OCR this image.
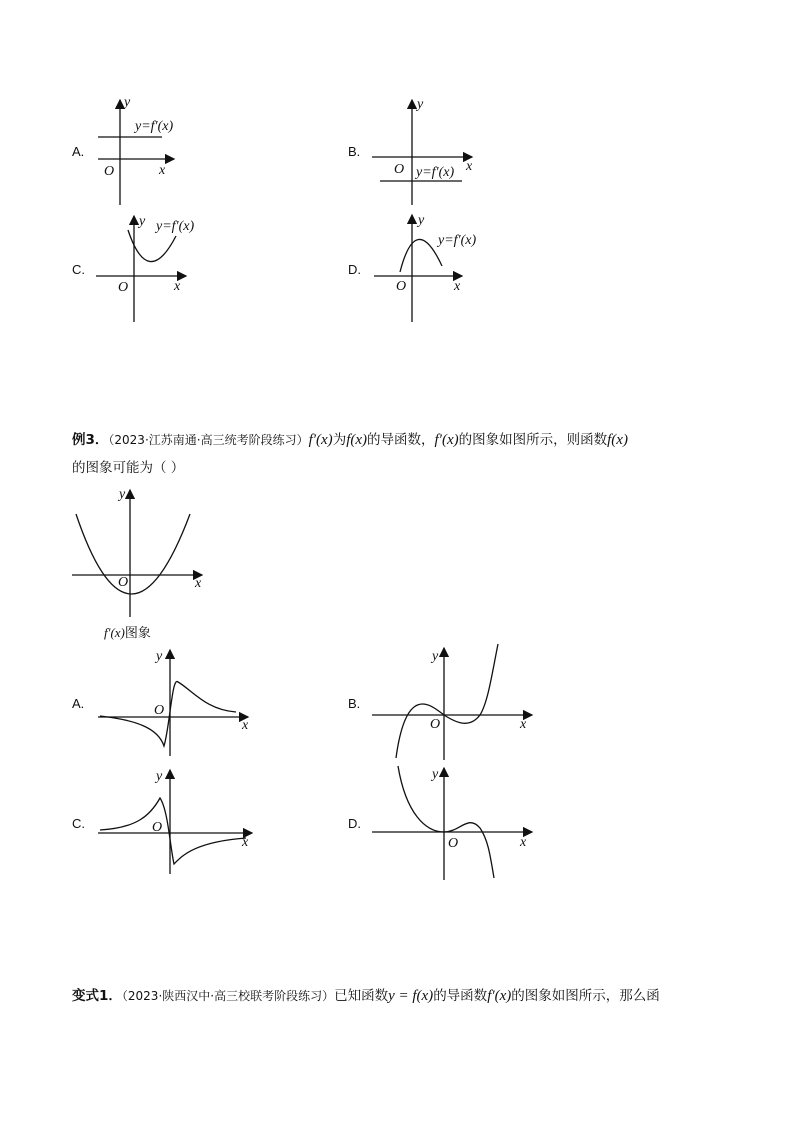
A.
y
x
O
y=f′(x)
B.
y
x
O y=f′(x)
C.
y
x
O
y=f′(x)
D.
y
x
O
y=f′(x)
例3．（2023·江苏南通·高三统考阶段练习）f′(x)为f(x)的导函数，f′(x)的图象如图所示，则函数f(x)
的图象可能为（ ）
y
x
O
f′(x)图象
A.
y
x
O	B.
y
x
O
C.
y
x
O	D.
y
x
O
变式1．（2023·陕西汉中·高三校联考阶段练习）已知函数y = f(x)的导函数f′(x)的图象如图所示，那么函
